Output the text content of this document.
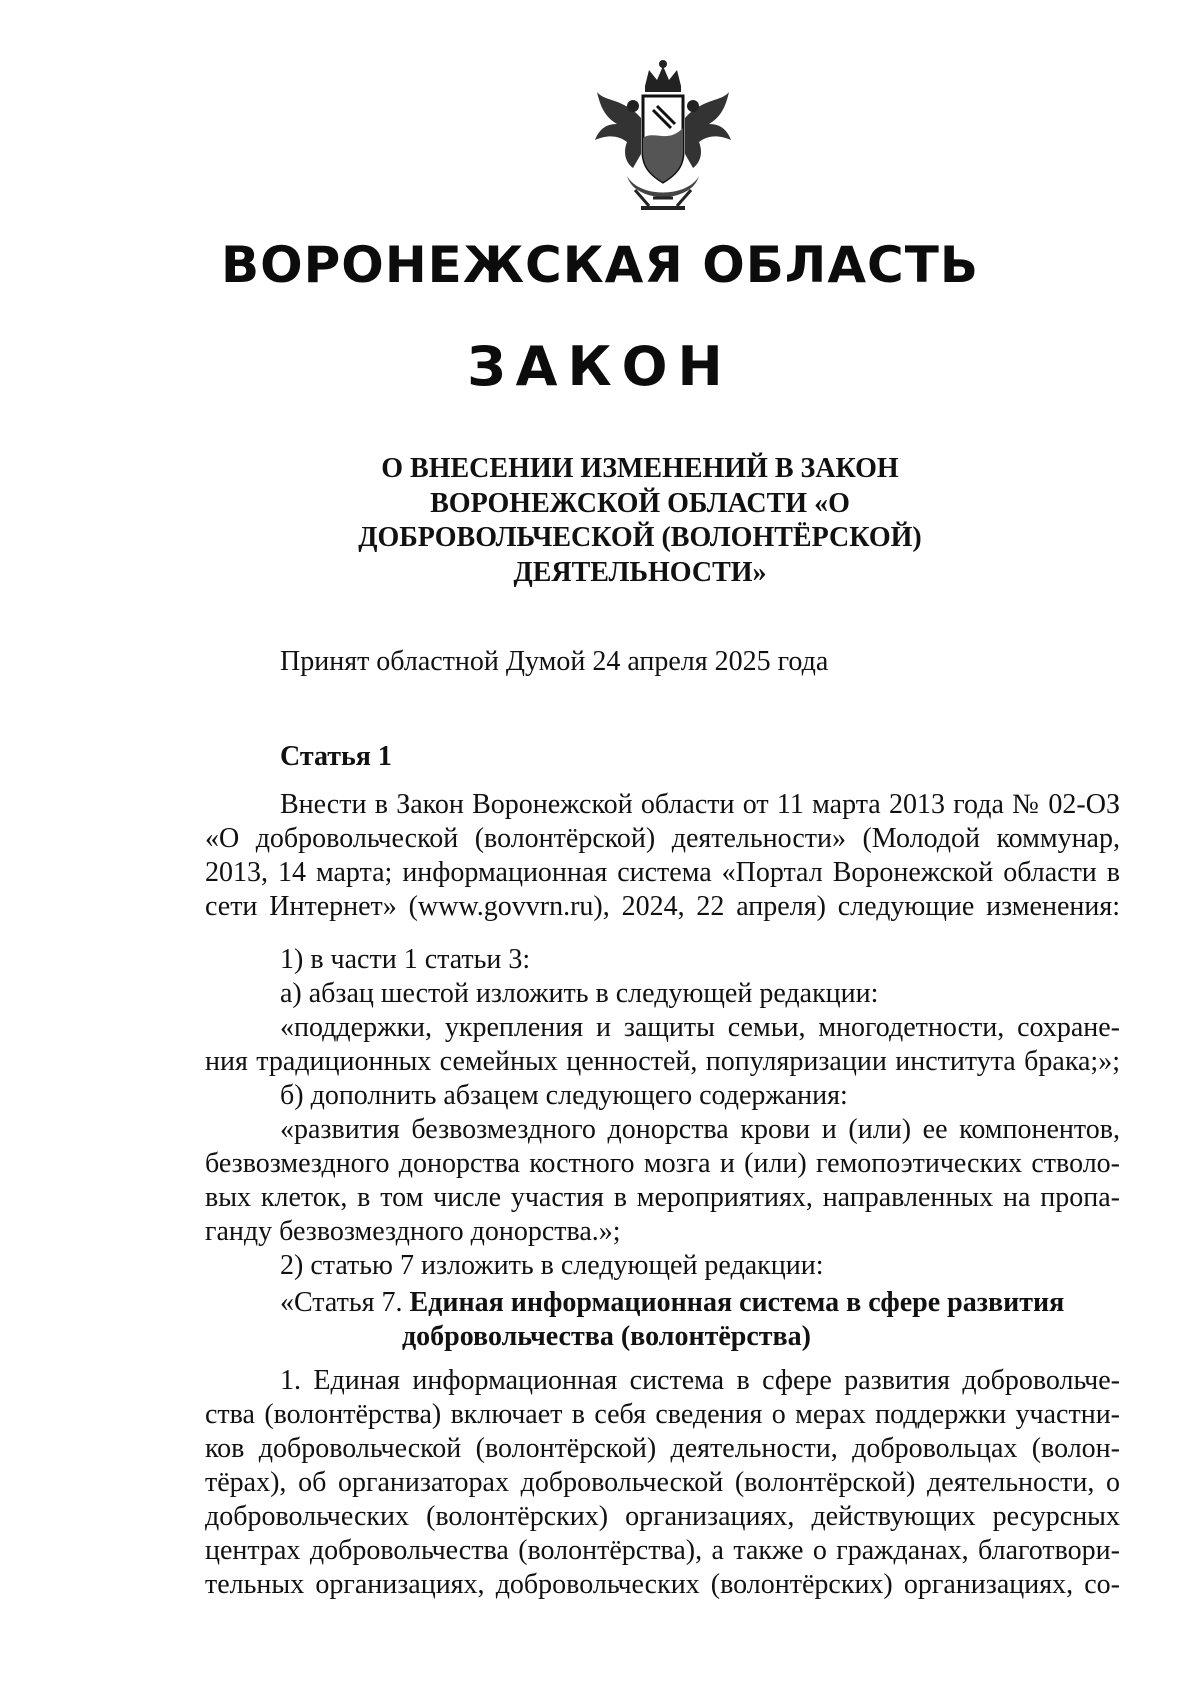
ВОРОНЕЖСКАЯ ОБЛАСТЬ
ЗАКОН
О ВНЕСЕНИИ ИЗМЕНЕНИЙ В ЗАКОН
ВОРОНЕЖСКОЙ ОБЛАСТИ «О
ДОБРОВОЛЬЧЕСКОЙ (ВОЛОНТЁРСКОЙ)
ДЕЯТЕЛЬНОСТИ»
Принят областной Думой 24 апреля 2025 года
Статья 1
Внести в Закон Воронежской области от 11 марта 2013 года № 02-ОЗ
«О добровольческой (волонтёрской) деятельности» (Молодой коммунар,
2013, 14 марта; информационная система «Портал Воронежской области в
сети Интернет» (www.govvrn.ru), 2024, 22 апреля) следующие изменения:
1) в части 1 статьи 3:
а) абзац шестой изложить в следующей редакции:
«поддержки, укрепления и защиты семьи, многодетности, сохране-
ния традиционных семейных ценностей, популяризации института брака;»;
б) дополнить абзацем следующего содержания:
«развития безвозмездного донорства крови и (или) ее компонентов,
безвозмездного донорства костного мозга и (или) гемопоэтических стволо-
вых клеток, в том числе участия в мероприятиях, направленных на пропа-
ганду безвозмездного донорства.»;
2) статью 7 изложить в следующей редакции:
«Статья 7. Единая информационная система в сфере развития
добровольчества (волонтёрства)
1. Единая информационная система в сфере развития добровольче-
ства (волонтёрства) включает в себя сведения о мерах поддержки участни-
ков добровольческой (волонтёрской) деятельности, добровольцах (волон-
тёрах), об организаторах добровольческой (волонтёрской) деятельности, о
добровольческих (волонтёрских) организациях, действующих ресурсных
центрах добровольчества (волонтёрства), а также о гражданах, благотвори-
тельных организациях, добровольческих (волонтёрских) организациях, со-
